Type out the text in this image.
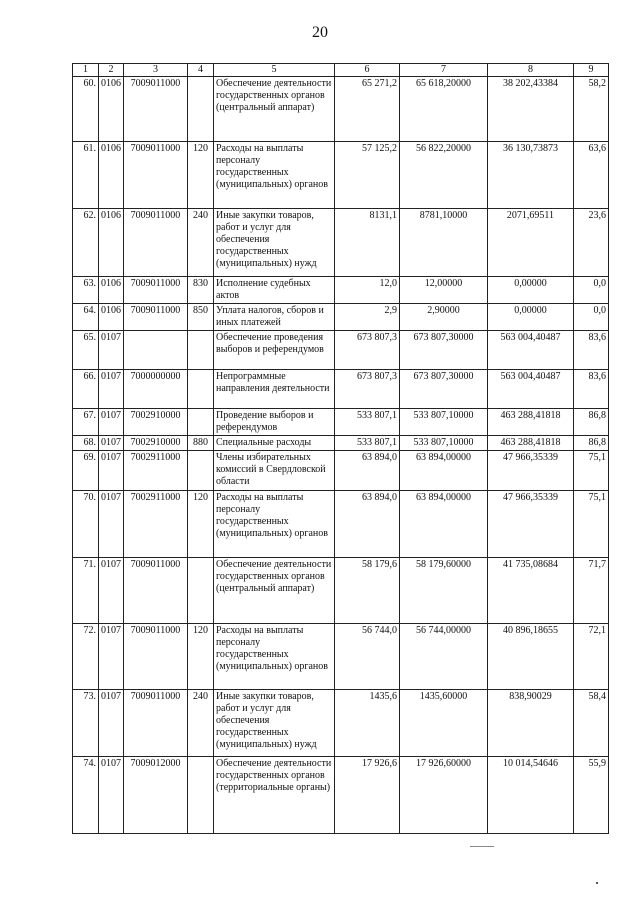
20
1	2	3	4	5	6	7	8	9
60.	0106	7009011000		Обеспечение деятельности государственных органов (центральный аппарат)	65 271,2	65 618,20000	38 202,43384	58,2
61.	0106	7009011000	120	Расходы на выплаты персоналу государственных (муниципальных) органов	57 125,2	56 822,20000	36 130,73873	63,6
62.	0106	7009011000	240	Иные закупки товаров, работ и услуг для обеспечения государственных (муниципальных) нужд	8131,1	8781,10000	2071,69511	23,6
63.	0106	7009011000	830	Исполнение судебных актов	12,0	12,00000	0,00000	0,0
64.	0106	7009011000	850	Уплата налогов, сборов и иных платежей	2,9	2,90000	0,00000	0,0
65.	0107			Обеспечение проведения выборов и референдумов	673 807,3	673 807,30000	563 004,40487	83,6
66.	0107	7000000000		Непрограммные направления деятельности	673 807,3	673 807,30000	563 004,40487	83,6
67.	0107	7002910000		Проведение выборов и референдумов	533 807,1	533 807,10000	463 288,41818	86,8
68.	0107	7002910000	880	Специальные расходы	533 807,1	533 807,10000	463 288,41818	86,8
69.	0107	7002911000		Члены избирательных комиссий в Свердловской области	63 894,0	63 894,00000	47 966,35339	75,1
70.	0107	7002911000	120	Расходы на выплаты персоналу государственных (муниципальных) органов	63 894,0	63 894,00000	47 966,35339	75,1
71.	0107	7009011000		Обеспечение деятельности государственных органов (центральный аппарат)	58 179,6	58 179,60000	41 735,08684	71,7
72.	0107	7009011000	120	Расходы на выплаты персоналу государственных (муниципальных) органов	56 744,0	56 744,00000	40 896,18655	72,1
73.	0107	7009011000	240	Иные закупки товаров, работ и услуг для обеспечения государственных (муниципальных) нужд	1435,6	1435,60000	838,90029	58,4
74.	0107	7009012000		Обеспечение деятельности государственных органов (территориальные органы)	17 926,6	17 926,60000	10 014,54646	55,9
